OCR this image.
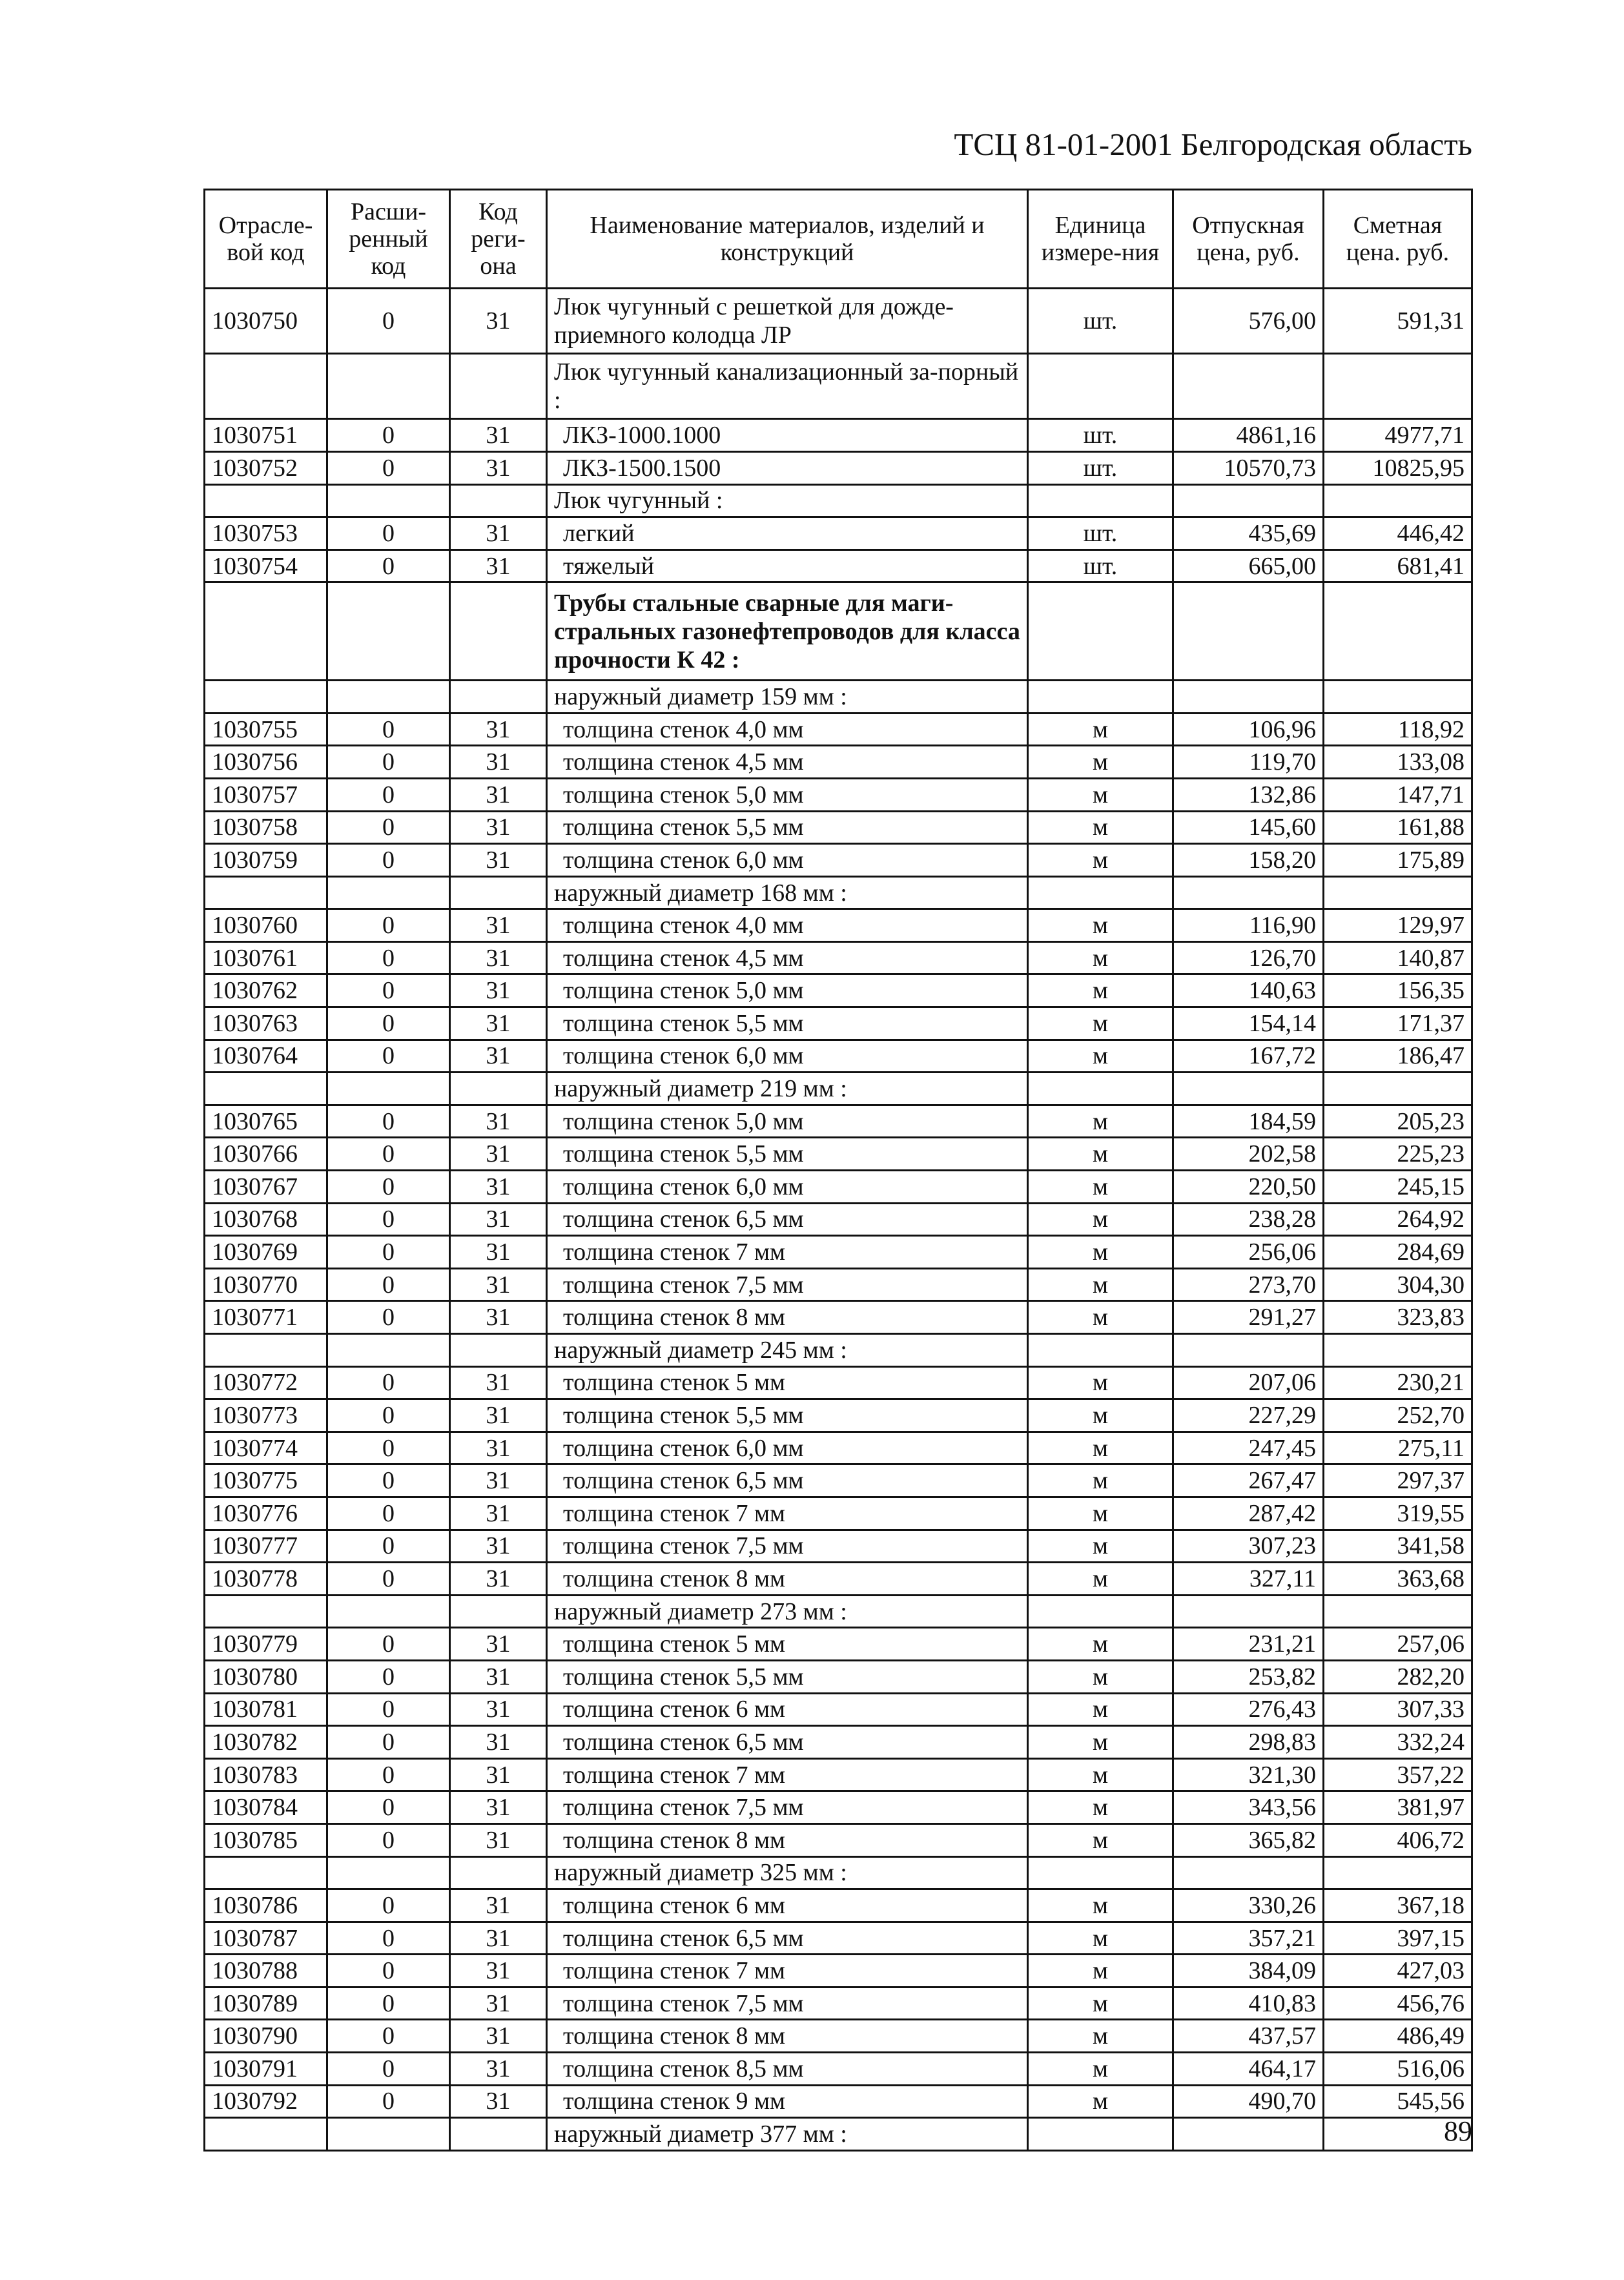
ТСЦ 81-01-2001 Белгородская область
Отрасле-вой код	Расши-ренный код	Код реги-она	Наименование материалов, изделий и конструкций	Единица измере-ния	Отпускная цена, руб.	Сметная цена. руб.
1030750	0	31	Люк чугунный с решеткой для дожде-приемного колодца ЛР	шт.	576,00	591,31
			Люк чугунный канализационный за-порный :			
1030751	0	31	ЛКЗ-1000.1000	шт.	4861,16	4977,71
1030752	0	31	ЛКЗ-1500.1500	шт.	10570,73	10825,95
			Люк чугунный :			
1030753	0	31	легкий	шт.	435,69	446,42
1030754	0	31	тяжелый	шт.	665,00	681,41
			Трубы стальные сварные для маги-стральных газонефтепроводов для класса прочности К 42 :			
			наружный диаметр 159 мм :			
1030755	0	31	толщина стенок 4,0 мм	м	106,96	118,92
1030756	0	31	толщина стенок 4,5 мм	м	119,70	133,08
1030757	0	31	толщина стенок 5,0 мм	м	132,86	147,71
1030758	0	31	толщина стенок 5,5 мм	м	145,60	161,88
1030759	0	31	толщина стенок 6,0 мм	м	158,20	175,89
			наружный диаметр 168 мм :			
1030760	0	31	толщина стенок 4,0 мм	м	116,90	129,97
1030761	0	31	толщина стенок 4,5 мм	м	126,70	140,87
1030762	0	31	толщина стенок 5,0 мм	м	140,63	156,35
1030763	0	31	толщина стенок 5,5 мм	м	154,14	171,37
1030764	0	31	толщина стенок 6,0 мм	м	167,72	186,47
			наружный диаметр 219 мм :			
1030765	0	31	толщина стенок 5,0 мм	м	184,59	205,23
1030766	0	31	толщина стенок 5,5 мм	м	202,58	225,23
1030767	0	31	толщина стенок 6,0 мм	м	220,50	245,15
1030768	0	31	толщина стенок 6,5 мм	м	238,28	264,92
1030769	0	31	толщина стенок 7 мм	м	256,06	284,69
1030770	0	31	толщина стенок 7,5 мм	м	273,70	304,30
1030771	0	31	толщина стенок 8 мм	м	291,27	323,83
			наружный диаметр 245 мм :			
1030772	0	31	толщина стенок 5 мм	м	207,06	230,21
1030773	0	31	толщина стенок 5,5 мм	м	227,29	252,70
1030774	0	31	толщина стенок 6,0 мм	м	247,45	275,11
1030775	0	31	толщина стенок 6,5 мм	м	267,47	297,37
1030776	0	31	толщина стенок 7 мм	м	287,42	319,55
1030777	0	31	толщина стенок 7,5 мм	м	307,23	341,58
1030778	0	31	толщина стенок 8 мм	м	327,11	363,68
			наружный диаметр 273 мм :			
1030779	0	31	толщина стенок 5 мм	м	231,21	257,06
1030780	0	31	толщина стенок 5,5 мм	м	253,82	282,20
1030781	0	31	толщина стенок 6 мм	м	276,43	307,33
1030782	0	31	толщина стенок 6,5 мм	м	298,83	332,24
1030783	0	31	толщина стенок 7 мм	м	321,30	357,22
1030784	0	31	толщина стенок 7,5 мм	м	343,56	381,97
1030785	0	31	толщина стенок 8 мм	м	365,82	406,72
			наружный диаметр 325 мм :			
1030786	0	31	толщина стенок 6 мм	м	330,26	367,18
1030787	0	31	толщина стенок 6,5 мм	м	357,21	397,15
1030788	0	31	толщина стенок 7 мм	м	384,09	427,03
1030789	0	31	толщина стенок 7,5 мм	м	410,83	456,76
1030790	0	31	толщина стенок 8 мм	м	437,57	486,49
1030791	0	31	толщина стенок 8,5 мм	м	464,17	516,06
1030792	0	31	толщина стенок 9 мм	м	490,70	545,56
			наружный диаметр 377 мм :				89
